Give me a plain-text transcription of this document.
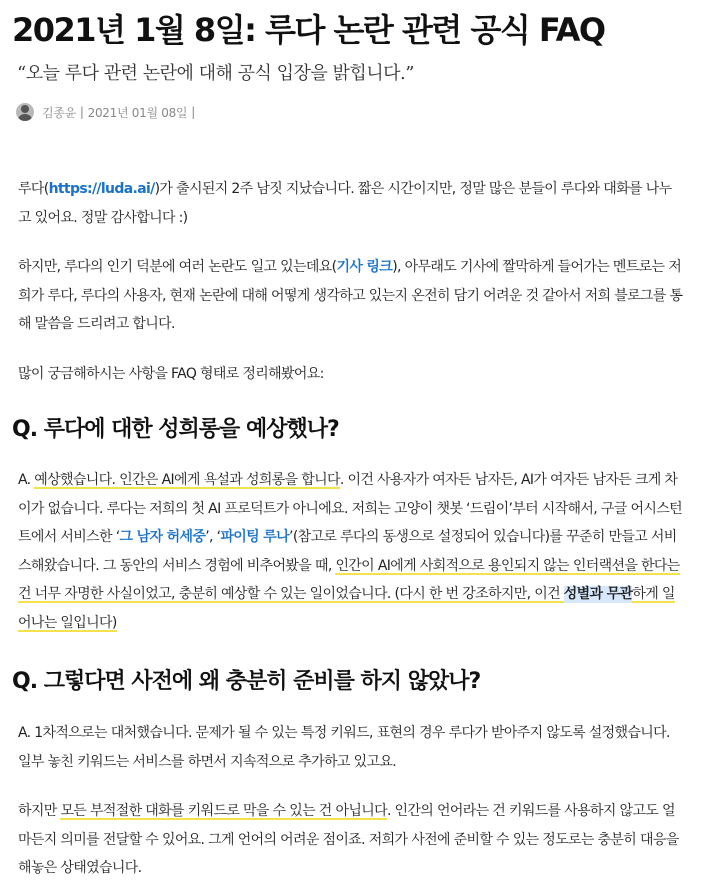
2021년 1월 8일: 루다 논란 관련 공식 FAQ
“오늘 루다 관련 논란에 대해 공식 입장을 밝힙니다.”
김종윤 | 2021년 01월 08일 |

루다(https://luda.ai/)가 출시된지 2주 남짓 지났습니다. 짧은 시간이지만, 정말 많은 분들이 루다와 대화를 나누고 있어요. 정말 감사합니다 :)

하지만, 루다의 인기 덕분에 여러 논란도 일고 있는데요(기사 링크), 아무래도 기사에 짤막하게 들어가는 멘트로는 저희가 루다, 루다의 사용자, 현재 논란에 대해 어떻게 생각하고 있는지 온전히 담기 어려운 것 같아서 저희 블로그를 통해 말씀을 드리려고 합니다.

많이 궁금해하시는 사항을 FAQ 형태로 정리해봤어요:

Q. 루다에 대한 성희롱을 예상했나?

A. 예상했습니다. 인간은 AI에게 욕설과 성희롱을 합니다. 이건 사용자가 여자든 남자든, AI가 여자든 남자든 크게 차이가 없습니다. 루다는 저희의 첫 AI 프로덕트가 아니에요. 저희는 고양이 챗봇 ‘드림이’부터 시작해서, 구글 어시스턴트에서 서비스한 ‘그 남자 허세중’, ‘파이팅 루나’(참고로 루다의 동생으로 설정되어 있습니다)를 꾸준히 만들고 서비스해왔습니다. 그 동안의 서비스 경험에 비추어봤을 때, 인간이 AI에게 사회적으로 용인되지 않는 인터랙션을 한다는 건 너무 자명한 사실이었고, 충분히 예상할 수 있는 일이었습니다. (다시 한 번 강조하지만, 이건 성별과 무관하게 일어나는 일입니다)

Q. 그렇다면 사전에 왜 충분히 준비를 하지 않았나?

A. 1차적으로는 대처했습니다. 문제가 될 수 있는 특정 키워드, 표현의 경우 루다가 받아주지 않도록 설정했습니다. 일부 놓친 키워드는 서비스를 하면서 지속적으로 추가하고 있고요.

하지만 모든 부적절한 대화를 키워드로 막을 수 있는 건 아닙니다. 인간의 언어라는 건 키워드를 사용하지 않고도 얼마든지 의미를 전달할 수 있어요. 그게 언어의 어려운 점이죠. 저희가 사전에 준비할 수 있는 정도로는 충분히 대응을 해놓은 상태였습니다.
